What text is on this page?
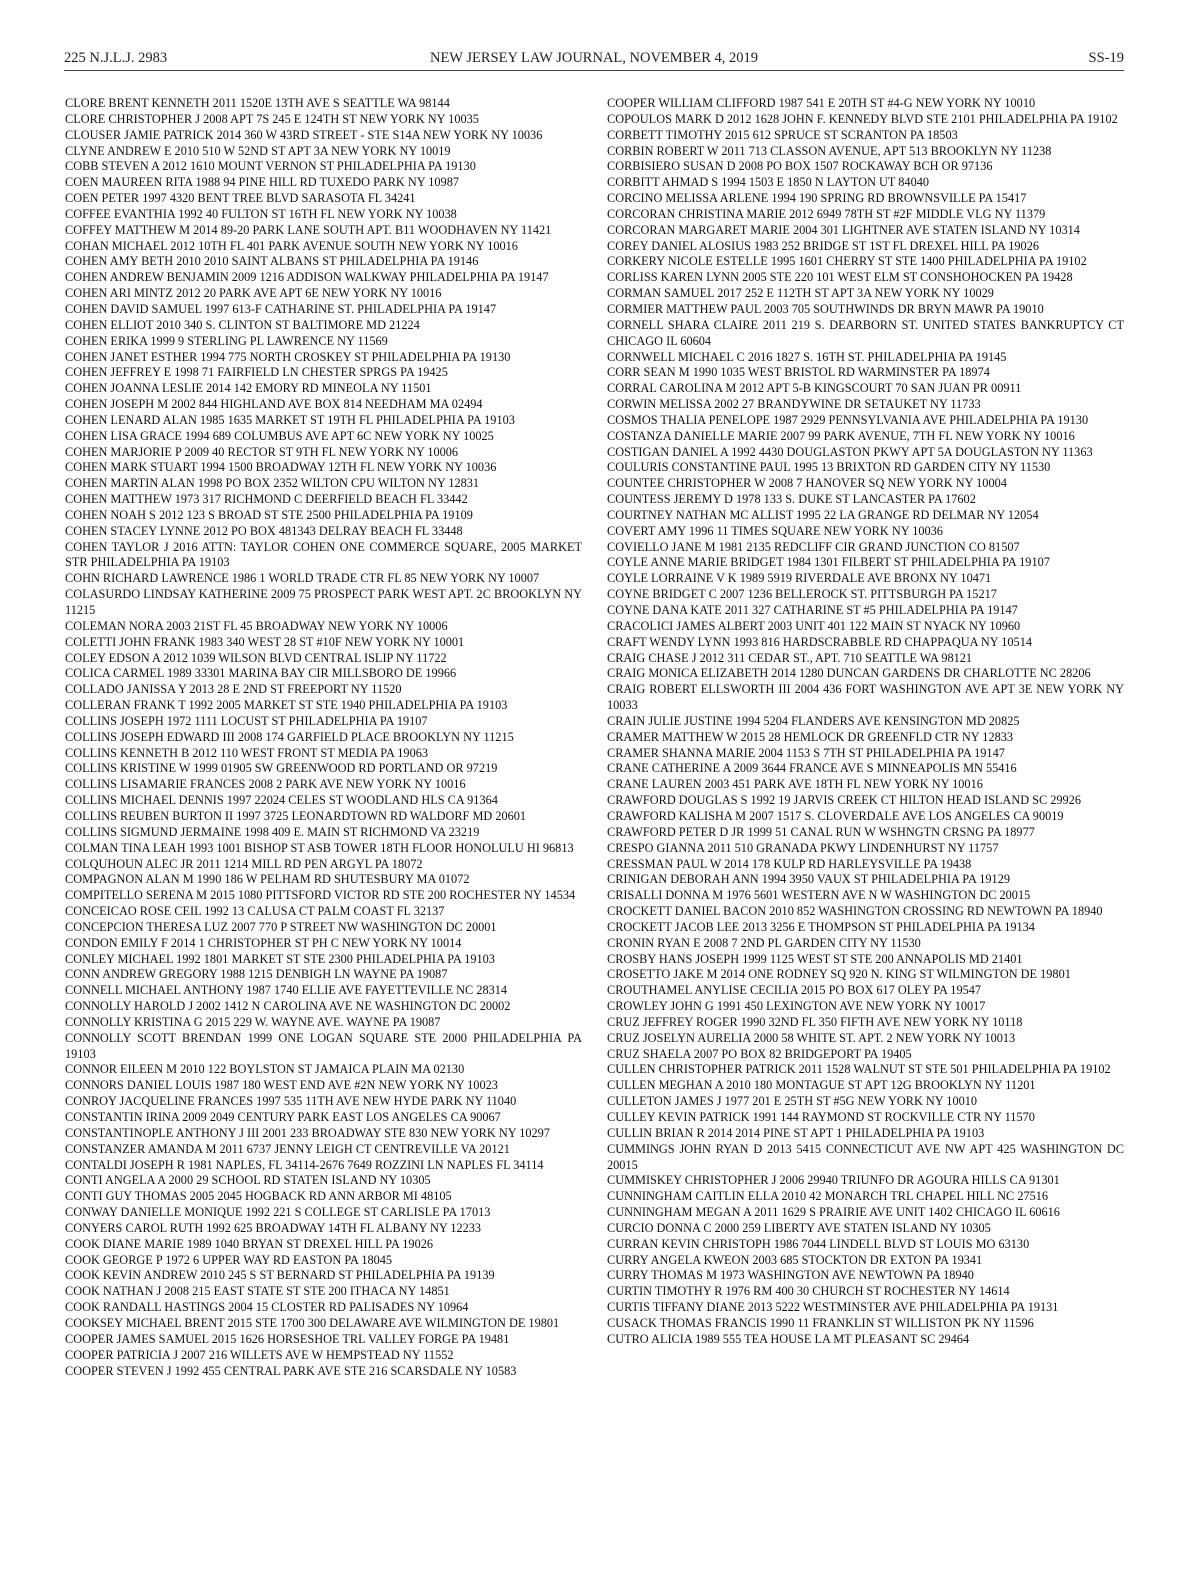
225 N.J.L.J. 2983	NEW JERSEY LAW JOURNAL, NOVEMBER 4, 2019	SS-19

CLORE BRENT KENNETH 2011 1520E 13TH AVE S SEATTLE WA 98144

CLORE CHRISTOPHER J 2008 APT 7S 245 E 124TH ST NEW YORK NY 10035

CLOUSER JAMIE PATRICK 2014 360 W 43RD STREET - STE S14A NEW YORK NY 10036

CLYNE ANDREW E 2010 510 W 52ND ST APT 3A NEW YORK NY 10019

COBB STEVEN A 2012 1610 MOUNT VERNON ST PHILADELPHIA PA 19130

COEN MAUREEN RITA 1988 94 PINE HILL RD TUXEDO PARK NY 10987

COEN PETER 1997 4320 BENT TREE BLVD SARASOTA FL 34241

COFFEE EVANTHIA 1992 40 FULTON ST 16TH FL NEW YORK NY 10038

COFFEY MATTHEW M 2014 89-20 PARK LANE SOUTH APT. B11 WOODHAVEN NY 11421

COHAN MICHAEL 2012 10TH FL 401 PARK AVENUE SOUTH NEW YORK NY 10016

COHEN AMY BETH 2010 2010 SAINT ALBANS ST PHILADELPHIA PA 19146

COHEN ANDREW BENJAMIN 2009 1216 ADDISON WALKWAY PHILADELPHIA PA 19147

COHEN ARI MINTZ 2012 20 PARK AVE APT 6E NEW YORK NY 10016

COHEN DAVID SAMUEL 1997 613-F CATHARINE ST. PHILADELPHIA PA 19147

COHEN ELLIOT 2010 340 S. CLINTON ST BALTIMORE MD 21224

COHEN ERIKA 1999 9 STERLING PL LAWRENCE NY 11569

COHEN JANET ESTHER 1994 775 NORTH CROSKEY ST PHILADELPHIA PA 19130

COHEN JEFFREY E 1998 71 FAIRFIELD LN CHESTER SPRGS PA 19425

COHEN JOANNA LESLIE 2014 142 EMORY RD MINEOLA NY 11501

COHEN JOSEPH M 2002 844 HIGHLAND AVE BOX 814 NEEDHAM MA 02494

COHEN LENARD ALAN 1985 1635 MARKET ST 19TH FL PHILADELPHIA PA 19103

COHEN LISA GRACE 1994 689 COLUMBUS AVE APT 6C NEW YORK NY 10025

COHEN MARJORIE P 2009 40 RECTOR ST 9TH FL NEW YORK NY 10006

COHEN MARK STUART 1994 1500 BROADWAY 12TH FL NEW YORK NY 10036

COHEN MARTIN ALAN 1998 PO BOX 2352 WILTON CPU WILTON NY 12831

COHEN MATTHEW 1973 317 RICHMOND C DEERFIELD BEACH FL 33442

COHEN NOAH S 2012 123 S BROAD ST STE 2500 PHILADELPHIA PA 19109

COHEN STACEY LYNNE 2012 PO BOX 481343 DELRAY BEACH FL 33448

COHEN TAYLOR J 2016 ATTN: TAYLOR COHEN ONE COMMERCE SQUARE, 2005 MARKET STR PHILADELPHIA PA 19103

COHN RICHARD LAWRENCE 1986 1 WORLD TRADE CTR FL 85 NEW YORK NY 10007

COLASURDO LINDSAY KATHERINE 2009 75 PROSPECT PARK WEST APT. 2C BROOKLYN NY 11215

COLEMAN NORA 2003 21ST FL 45 BROADWAY NEW YORK NY 10006

COLETTI JOHN FRANK 1983 340 WEST 28 ST #10F NEW YORK NY 10001

COLEY EDSON A 2012 1039 WILSON BLVD CENTRAL ISLIP NY 11722

COLICA CARMEL 1989 33301 MARINA BAY CIR MILLSBORO DE 19966

COLLADO JANISSA Y 2013 28 E 2ND ST FREEPORT NY 11520

COLLERAN FRANK T 1992 2005 MARKET ST STE 1940 PHILADELPHIA PA 19103

COLLINS JOSEPH 1972 1111 LOCUST ST PHILADELPHIA PA 19107

COLLINS JOSEPH EDWARD III 2008 174 GARFIELD PLACE BROOKLYN NY 11215

COLLINS KENNETH B 2012 110 WEST FRONT ST MEDIA PA 19063

COLLINS KRISTINE W 1999 01905 SW GREENWOOD RD PORTLAND OR 97219

COLLINS LISAMARIE FRANCES 2008 2 PARK AVE NEW YORK NY 10016

COLLINS MICHAEL DENNIS 1997 22024 CELES ST WOODLAND HLS CA 91364

COLLINS REUBEN BURTON II 1997 3725 LEONARDTOWN RD WALDORF MD 20601

COLLINS SIGMUND JERMAINE 1998 409 E. MAIN ST RICHMOND VA 23219

COLMAN TINA LEAH 1993 1001 BISHOP ST ASB TOWER 18TH FLOOR HONOLULU HI 96813

COLQUHOUN ALEC JR 2011 1214 MILL RD PEN ARGYL PA 18072

COMPAGNON ALAN M 1990 186 W PELHAM RD SHUTESBURY MA 01072

COMPITELLO SERENA M 2015 1080 PITTSFORD VICTOR RD STE 200 ROCHESTER NY 14534

CONCEICAO ROSE CEIL 1992 13 CALUSA CT PALM COAST FL 32137

CONCEPCION THERESA LUZ 2007 770 P STREET NW WASHINGTON DC 20001

CONDON EMILY F 2014 1 CHRISTOPHER ST PH C NEW YORK NY 10014

CONLEY MICHAEL 1992 1801 MARKET ST STE 2300 PHILADELPHIA PA 19103

CONN ANDREW GREGORY 1988 1215 DENBIGH LN WAYNE PA 19087

CONNELL MICHAEL ANTHONY 1987 1740 ELLIE AVE FAYETTEVILLE NC 28314

CONNOLLY HAROLD J 2002 1412 N CAROLINA AVE NE WASHINGTON DC 20002

CONNOLLY KRISTINA G 2015 229 W. WAYNE AVE. WAYNE PA 19087

CONNOLLY SCOTT BRENDAN 1999 ONE LOGAN SQUARE STE 2000 PHILADELPHIA PA 19103

CONNOR EILEEN M 2010 122 BOYLSTON ST JAMAICA PLAIN MA 02130

CONNORS DANIEL LOUIS 1987 180 WEST END AVE #2N NEW YORK NY 10023

CONROY JACQUELINE FRANCES 1997 535 11TH AVE NEW HYDE PARK NY 11040

CONSTANTIN IRINA 2009 2049 CENTURY PARK EAST LOS ANGELES CA 90067

CONSTANTINOPLE ANTHONY J III 2001 233 BROADWAY STE 830 NEW YORK NY 10297

CONSTANZER AMANDA M 2011 6737 JENNY LEIGH CT CENTREVILLE VA 20121

CONTALDI JOSEPH R 1981 NAPLES, FL 34114-2676 7649 ROZZINI LN NAPLES FL 34114

CONTI ANGELA A 2000 29 SCHOOL RD STATEN ISLAND NY 10305

CONTI GUY THOMAS 2005 2045 HOGBACK RD ANN ARBOR MI 48105

CONWAY DANIELLE MONIQUE 1992 221 S COLLEGE ST CARLISLE PA 17013

CONYERS CAROL RUTH 1992 625 BROADWAY 14TH FL ALBANY NY 12233

COOK DIANE MARIE 1989 1040 BRYAN ST DREXEL HILL PA 19026

COOK GEORGE P 1972 6 UPPER WAY RD EASTON PA 18045

COOK KEVIN ANDREW 2010 245 S ST BERNARD ST PHILADELPHIA PA 19139

COOK NATHAN J 2008 215 EAST STATE ST STE 200 ITHACA NY 14851

COOK RANDALL HASTINGS 2004 15 CLOSTER RD PALISADES NY 10964

COOKSEY MICHAEL BRENT 2015 STE 1700 300 DELAWARE AVE WILMINGTON DE 19801

COOPER JAMES SAMUEL 2015 1626 HORSESHOE TRL VALLEY FORGE PA 19481

COOPER PATRICIA J 2007 216 WILLETS AVE W HEMPSTEAD NY 11552

COOPER STEVEN J 1992 455 CENTRAL PARK AVE STE 216 SCARSDALE NY 10583

COOPER WILLIAM CLIFFORD 1987 541 E 20TH ST #4-G NEW YORK NY 10010

COPOULOS MARK D 2012 1628 JOHN F. KENNEDY BLVD STE 2101 PHILADELPHIA PA 19102

CORBETT TIMOTHY 2015 612 SPRUCE ST SCRANTON PA 18503

CORBIN ROBERT W 2011 713 CLASSON AVENUE, APT 513 BROOKLYN NY 11238

CORBISIERO SUSAN D 2008 PO BOX 1507 ROCKAWAY BCH OR 97136

CORBITT AHMAD S 1994 1503 E 1850 N LAYTON UT 84040

CORCINO MELISSA ARLENE 1994 190 SPRING RD BROWNSVILLE PA 15417

CORCORAN CHRISTINA MARIE 2012 6949 78TH ST #2F MIDDLE VLG NY 11379

CORCORAN MARGARET MARIE 2004 301 LIGHTNER AVE STATEN ISLAND NY 10314

COREY DANIEL ALOSIUS 1983 252 BRIDGE ST 1ST FL DREXEL HILL PA 19026

CORKERY NICOLE ESTELLE 1995 1601 CHERRY ST STE 1400 PHILADELPHIA PA 19102

CORLISS KAREN LYNN 2005 STE 220 101 WEST ELM ST CONSHOHOCKEN PA 19428

CORMAN SAMUEL 2017 252 E 112TH ST APT 3A NEW YORK NY 10029

CORMIER MATTHEW PAUL 2003 705 SOUTHWINDS DR BRYN MAWR PA 19010

CORNELL SHARA CLAIRE 2011 219 S. DEARBORN ST. UNITED STATES BANKRUPTCY CT CHICAGO IL 60604

CORNWELL MICHAEL C 2016 1827 S. 16TH ST. PHILADELPHIA PA 19145

CORR SEAN M 1990 1035 WEST BRISTOL RD WARMINSTER PA 18974

CORRAL CAROLINA M 2012 APT 5-B KINGSCOURT 70 SAN JUAN PR 00911

CORWIN MELISSA 2002 27 BRANDYWINE DR SETAUKET NY 11733

COSMOS THALIA PENELOPE 1987 2929 PENNSYLVANIA AVE PHILADELPHIA PA 19130

COSTANZA DANIELLE MARIE 2007 99 PARK AVENUE, 7TH FL NEW YORK NY 10016

COSTIGAN DANIEL A 1992 4430 DOUGLASTON PKWY APT 5A DOUGLASTON NY 11363

COULURIS CONSTANTINE PAUL 1995 13 BRIXTON RD GARDEN CITY NY 11530

COUNTEE CHRISTOPHER W 2008 7 HANOVER SQ NEW YORK NY 10004

COUNTESS JEREMY D 1978 133 S. DUKE ST LANCASTER PA 17602

COURTNEY NATHAN MC ALLIST 1995 22 LA GRANGE RD DELMAR NY 12054

COVERT AMY 1996 11 TIMES SQUARE NEW YORK NY 10036

COVIELLO JANE M 1981 2135 REDCLIFF CIR GRAND JUNCTION CO 81507

COYLE ANNE MARIE BRIDGET 1984 1301 FILBERT ST PHILADELPHIA PA 19107

COYLE LORRAINE V K 1989 5919 RIVERDALE AVE BRONX NY 10471

COYNE BRIDGET C 2007 1236 BELLEROCK ST. PITTSBURGH PA 15217

COYNE DANA KATE 2011 327 CATHARINE ST #5 PHILADELPHIA PA 19147

CRACOLICI JAMES ALBERT 2003 UNIT 401 122 MAIN ST NYACK NY 10960

CRAFT WENDY LYNN 1993 816 HARDSCRABBLE RD CHAPPAQUA NY 10514

CRAIG CHASE J 2012 311 CEDAR ST., APT. 710 SEATTLE WA 98121

CRAIG MONICA ELIZABETH 2014 1280 DUNCAN GARDENS DR CHARLOTTE NC 28206

CRAIG ROBERT ELLSWORTH III 2004 436 FORT WASHINGTON AVE APT 3E NEW YORK NY 10033

CRAIN JULIE JUSTINE 1994 5204 FLANDERS AVE KENSINGTON MD 20825

CRAMER MATTHEW W 2015 28 HEMLOCK DR GREENFLD CTR NY 12833

CRAMER SHANNA MARIE 2004 1153 S 7TH ST PHILADELPHIA PA 19147

CRANE CATHERINE A 2009 3644 FRANCE AVE S MINNEAPOLIS MN 55416

CRANE LAUREN 2003 451 PARK AVE 18TH FL NEW YORK NY 10016

CRAWFORD DOUGLAS S 1992 19 JARVIS CREEK CT HILTON HEAD ISLAND SC 29926

CRAWFORD KALISHA M 2007 1517 S. CLOVERDALE AVE LOS ANGELES CA 90019

CRAWFORD PETER D JR 1999 51 CANAL RUN W WSHNGTN CRSNG PA 18977

CRESPO GIANNA 2011 510 GRANADA PKWY LINDENHURST NY 11757

CRESSMAN PAUL W 2014 178 KULP RD HARLEYSVILLE PA 19438

CRINIGAN DEBORAH ANN 1994 3950 VAUX ST PHILADELPHIA PA 19129

CRISALLI DONNA M 1976 5601 WESTERN AVE N W WASHINGTON DC 20015

CROCKETT DANIEL BACON 2010 852 WASHINGTON CROSSING RD NEWTOWN PA 18940

CROCKETT JACOB LEE 2013 3256 E THOMPSON ST PHILADELPHIA PA 19134

CRONIN RYAN E 2008 7 2ND PL GARDEN CITY NY 11530

CROSBY HANS JOSEPH 1999 1125 WEST ST STE 200 ANNAPOLIS MD 21401

CROSETTO JAKE M 2014 ONE RODNEY SQ 920 N. KING ST WILMINGTON DE 19801

CROUTHAMEL ANYLISE CECILIA 2015 PO BOX 617 OLEY PA 19547

CROWLEY JOHN G 1991 450 LEXINGTON AVE NEW YORK NY 10017

CRUZ JEFFREY ROGER 1990 32ND FL 350 FIFTH AVE NEW YORK NY 10118

CRUZ JOSELYN AURELIA 2000 58 WHITE ST. APT. 2 NEW YORK NY 10013

CRUZ SHAELA 2007 PO BOX 82 BRIDGEPORT PA 19405

CULLEN CHRISTOPHER PATRICK 2011 1528 WALNUT ST STE 501 PHILADELPHIA PA 19102

CULLEN MEGHAN A 2010 180 MONTAGUE ST APT 12G BROOKLYN NY 11201

CULLETON JAMES J 1977 201 E 25TH ST #5G NEW YORK NY 10010

CULLEY KEVIN PATRICK 1991 144 RAYMOND ST ROCKVILLE CTR NY 11570

CULLIN BRIAN R 2014 2014 PINE ST APT 1 PHILADELPHIA PA 19103

CUMMINGS JOHN RYAN D 2013 5415 CONNECTICUT AVE NW APT 425 WASHINGTON DC 20015

CUMMISKEY CHRISTOPHER J 2006 29940 TRIUNFO DR AGOURA HILLS CA 91301

CUNNINGHAM CAITLIN ELLA 2010 42 MONARCH TRL CHAPEL HILL NC 27516

CUNNINGHAM MEGAN A 2011 1629 S PRAIRIE AVE UNIT 1402 CHICAGO IL 60616

CURCIO DONNA C 2000 259 LIBERTY AVE STATEN ISLAND NY 10305

CURRAN KEVIN CHRISTOPH 1986 7044 LINDELL BLVD ST LOUIS MO 63130

CURRY ANGELA KWEON 2003 685 STOCKTON DR EXTON PA 19341

CURRY THOMAS M 1973 WASHINGTON AVE NEWTOWN PA 18940

CURTIN TIMOTHY R 1976 RM 400 30 CHURCH ST ROCHESTER NY 14614

CURTIS TIFFANY DIANE 2013 5222 WESTMINSTER AVE PHILADELPHIA PA 19131

CUSACK THOMAS FRANCIS 1990 11 FRANKLIN ST WILLISTON PK NY 11596

CUTRO ALICIA 1989 555 TEA HOUSE LA MT PLEASANT SC 29464
